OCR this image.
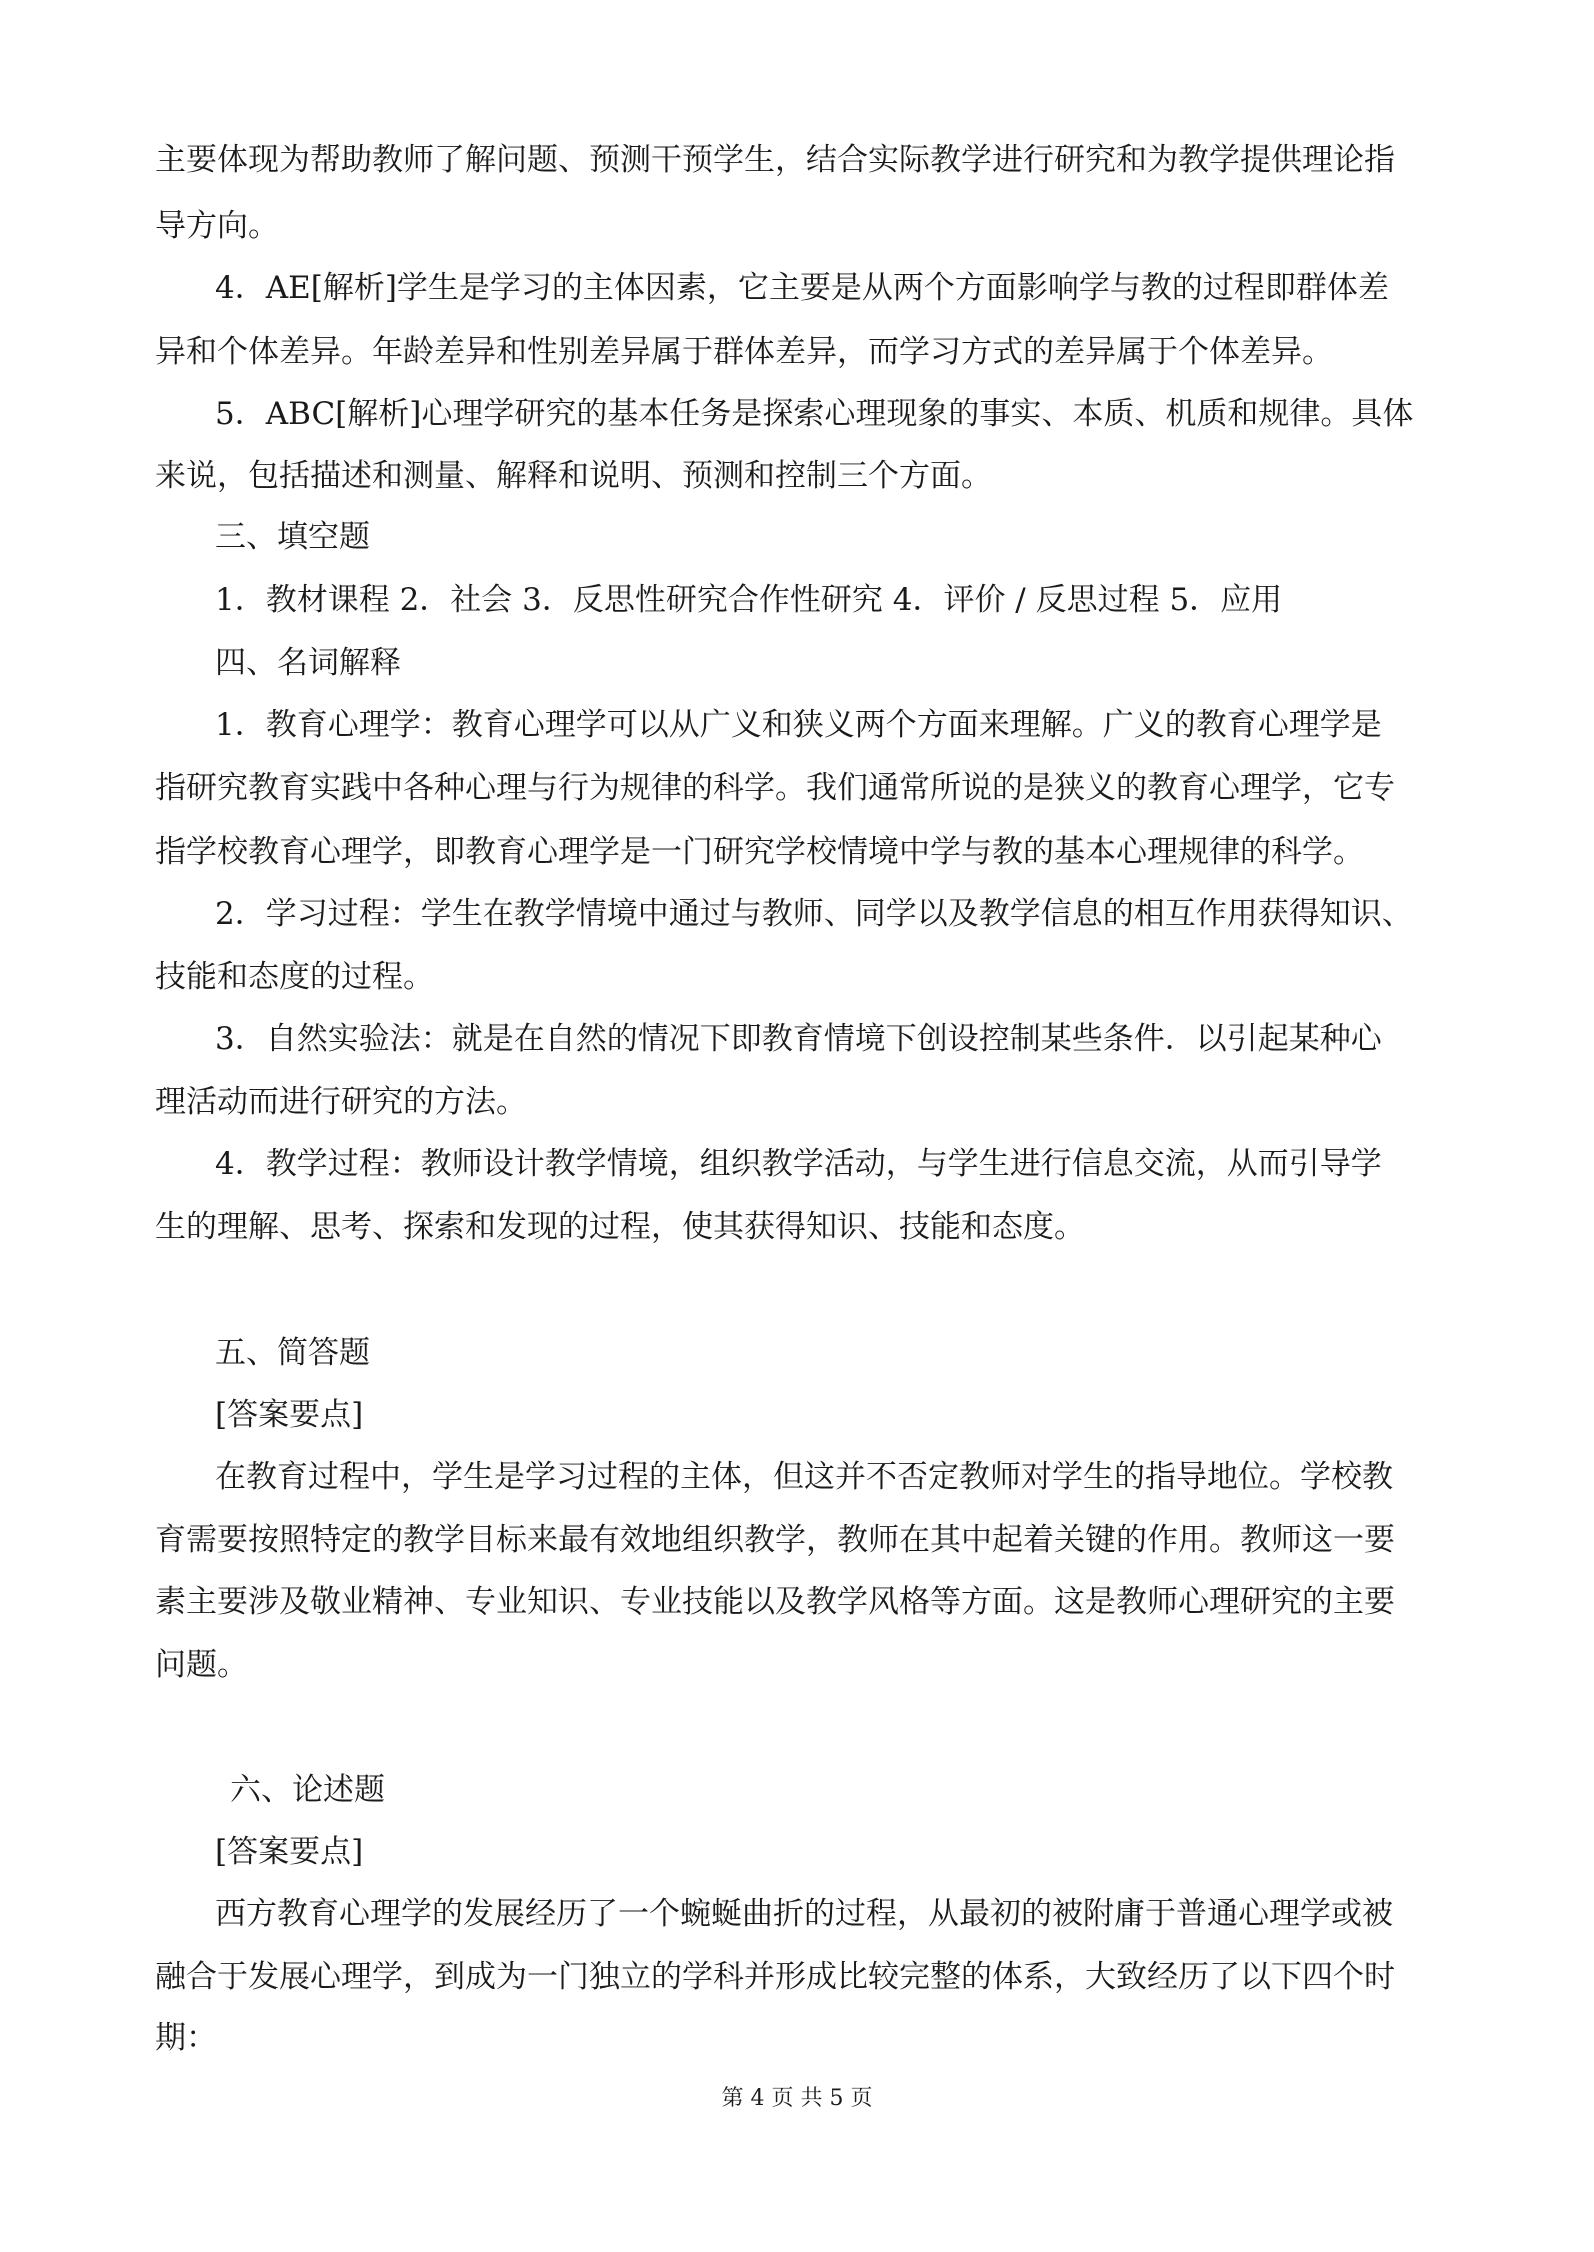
主要体现为帮助教师了解问题、预测干预学生，结合实际教学进行研究和为教学提供理论指
导方向。
4．AE[解析]学生是学习的主体因素，它主要是从两个方面影响学与教的过程即群体差
异和个体差异。年龄差异和性别差异属于群体差异，而学习方式的差异属于个体差异。
5．ABC[解析]心理学研究的基本任务是探索心理现象的事实、本质、机质和规律。具体
来说，包括描述和测量、解释和说明、预测和控制三个方面。
三、填空题
1．教材课程 2．社会 3．反思性研究合作性研究 4．评价 / 反思过程 5．应用
四、名词解释
1．教育心理学：教育心理学可以从广义和狭义两个方面来理解。广义的教育心理学是
指研究教育实践中各种心理与行为规律的科学。我们通常所说的是狭义的教育心理学，它专
指学校教育心理学，即教育心理学是一门研究学校情境中学与教的基本心理规律的科学。
2．学习过程：学生在教学情境中通过与教师、同学以及教学信息的相互作用获得知识、
技能和态度的过程。
3．自然实验法：就是在自然的情况下即教育情境下创设控制某些条件．以引起某种心
理活动而进行研究的方法。
4．教学过程：教师设计教学情境，组织教学活动，与学生进行信息交流，从而引导学
生的理解、思考、探索和发现的过程，使其获得知识、技能和态度。
五、简答题
[答案要点]
在教育过程中，学生是学习过程的主体，但这并不否定教师对学生的指导地位。学校教
育需要按照特定的教学目标来最有效地组织教学，教师在其中起着关键的作用。教师这一要
素主要涉及敬业精神、专业知识、专业技能以及教学风格等方面。这是教师心理研究的主要
问题。
六、论述题
[答案要点]
西方教育心理学的发展经历了一个蜿蜒曲折的过程，从最初的被附庸于普通心理学或被
融合于发展心理学，到成为一门独立的学科并形成比较完整的体系，大致经历了以下四个时
期：
第 4 页 共 5 页
